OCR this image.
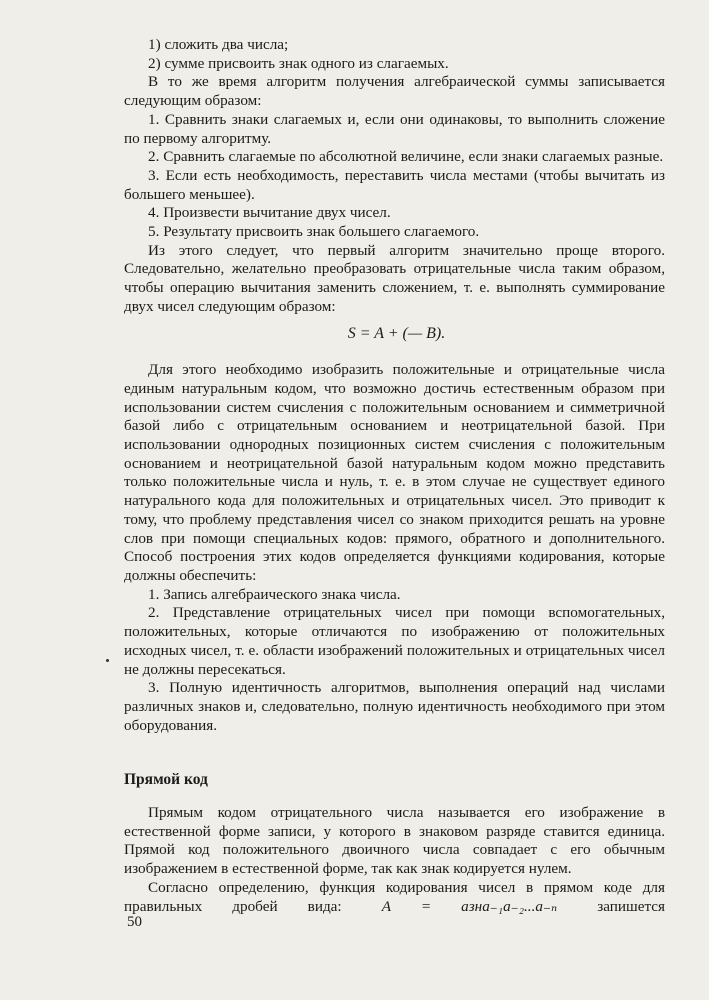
1) сложить два числа;

2) сумме присвоить знак одного из слагаемых.

В то же время алгоритм получения алгебраической суммы записывается следующим образом:

1. Сравнить знаки слагаемых и, если они одинаковы, то выполнить сложение по первому алгоритму.

2. Сравнить слагаемые по абсолютной величине, если знаки слагаемых разные.

3. Если есть необходимость, переставить числа местами (чтобы вычитать из большего меньшее).

4. Произвести вычитание двух чисел.

5. Результату присвоить знак большего слагаемого.

Из этого следует, что первый алгоритм значительно проще второго. Следовательно, желательно преобразовать отрицательные числа таким образом, чтобы операцию вычитания заменить сложением, т. е. выполнять суммирование двух чисел следующим образом:

S = A + (— B).

Для этого необходимо изобразить положительные и отрицательные числа единым натуральным кодом, что возможно достичь естественным образом при использовании систем счисления с положительным основанием и симметричной базой либо с отрицательным основанием и неотрицательной базой. При использовании однородных позиционных систем счисления с положительным основанием и неотрицательной базой натуральным кодом можно представить только положительные числа и нуль, т. е. в этом случае не существует единого натурального кода для положительных и отрицательных чисел. Это приводит к тому, что проблему представления чисел со знаком приходится решать на уровне слов при помощи специальных кодов: прямого, обратного и дополнительного. Способ построения этих кодов определяется функциями кодирования, которые должны обеспечить:

1. Запись алгебраического знака числа.

2. Представление отрицательных чисел при помощи вспомогательных, положительных, которые отличаются по изображению от положительных исходных чисел, т. е. области изображений положительных и отрицательных чисел не должны пересекаться.

3. Полную идентичность алгоритмов, выполнения операций над числами различных знаков и, следовательно, полную идентичность необходимого при этом оборудования.

Прямой код

Прямым кодом отрицательного числа называется его изображение в естественной форме записи, у которого в знаковом разряде ставится единица. Прямой код положительного двоичного числа совпадает с его обычным изображением в естественной форме, так как знак кодируется нулем.

Согласно определению, функция кодирования чисел в прямом коде для правильных дробей вида:	A = aзнa₋₁a₋₂...a₋ₙ	запишется

50
